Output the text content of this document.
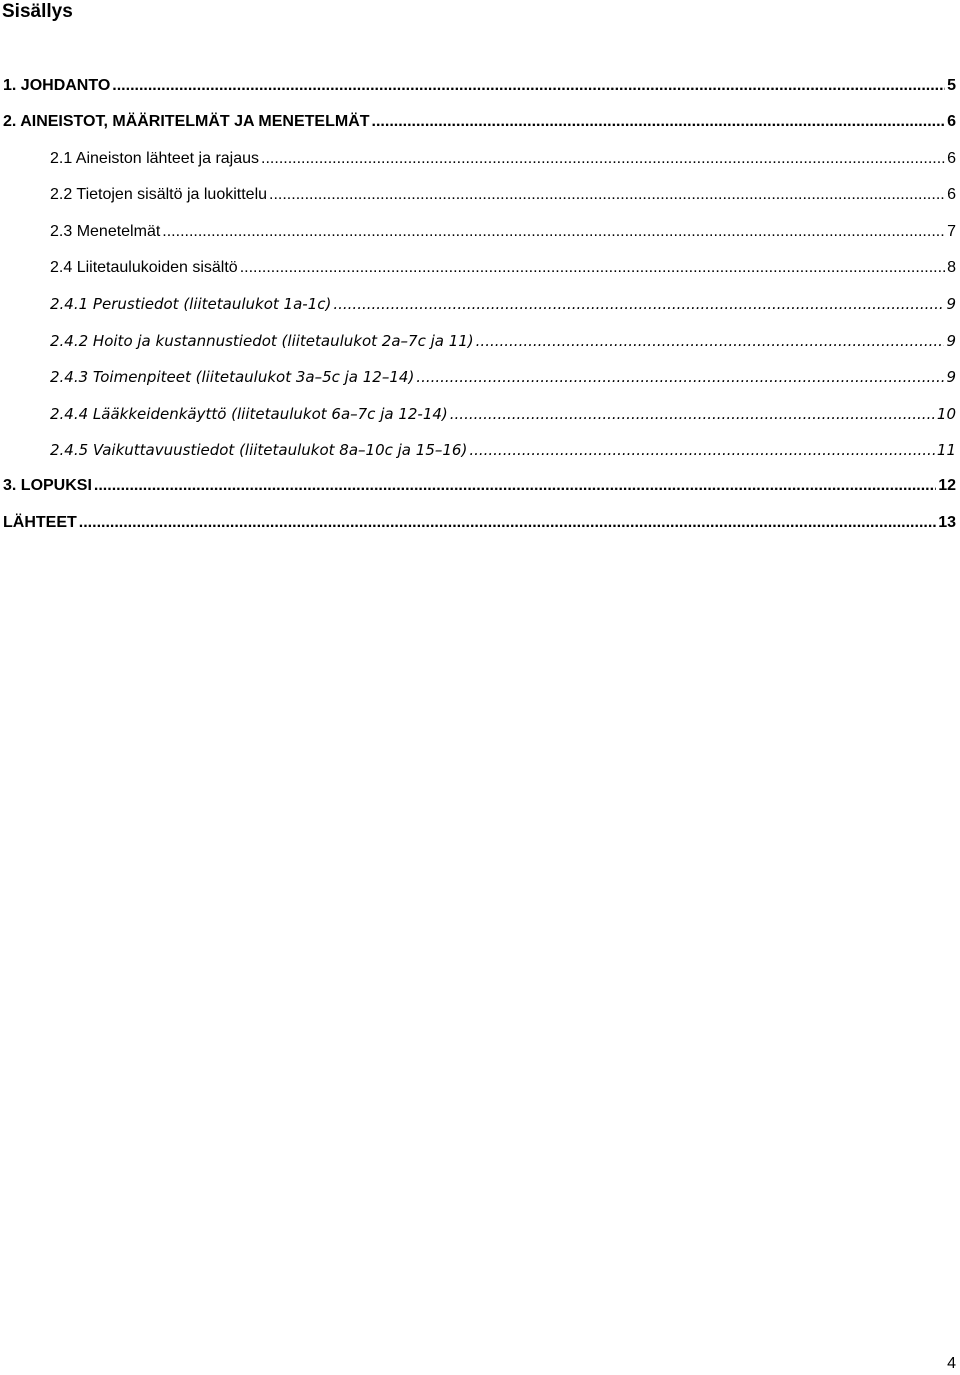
Sisällys
1. JOHDANTO .....	5
2. AINEISTOT, MÄÄRITELMÄT JA MENETELMÄT .....	6
2.1 Aineiston lähteet ja rajaus .....	6
2.2 Tietojen sisältö ja luokittelu .....	6
2.3 Menetelmät .....	7
2.4 Liitetaulukoiden sisältö .....	8
2.4.1 Perustiedot (liitetaulukot 1a-1c) .....	9
2.4.2 Hoito ja kustannustiedot (liitetaulukot 2a–7c ja 11) .....	9
2.4.3 Toimenpiteet (liitetaulukot 3a–5c ja 12–14) .....	9
2.4.4 Lääkkeidenkäyttö (liitetaulukot 6a–7c ja 12-14) .....	10
2.4.5 Vaikuttavuustiedot (liitetaulukot 8a–10c ja 15–16) .....	11
3. LOPUKSI .....	12
LÄHTEET .....	13
4
